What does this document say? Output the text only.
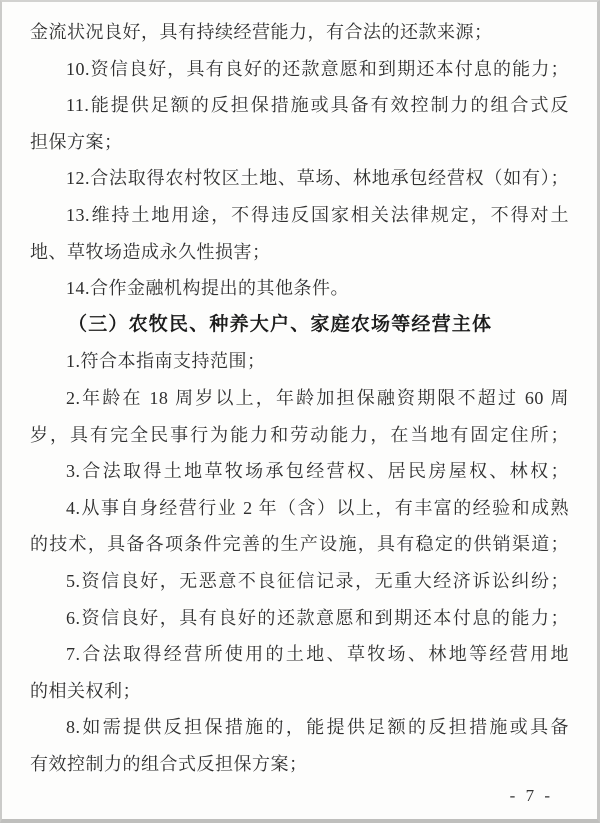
金流状况良好，具有持续经营能力，有合法的还款来源；
10.资信良好，具有良好的还款意愿和到期还本付息的能力；
11.能提供足额的反担保措施或具备有效控制力的组合式反
担保方案；
12.合法取得农村牧区土地、草场、林地承包经营权（如有）；
13.维持土地用途，不得违反国家相关法律规定，不得对土
地、草牧场造成永久性损害；
14.合作金融机构提出的其他条件。
（三）农牧民、种养大户、家庭农场等经营主体
1.符合本指南支持范围；
2.年龄在 18 周岁以上，年龄加担保融资期限不超过 60 周
岁，具有完全民事行为能力和劳动能力，在当地有固定住所；
3.合法取得土地草牧场承包经营权、居民房屋权、林权；
4.从事自身经营行业 2 年（含）以上，有丰富的经验和成熟
的技术，具备各项条件完善的生产设施，具有稳定的供销渠道；
5.资信良好，无恶意不良征信记录，无重大经济诉讼纠纷；
6.资信良好，具有良好的还款意愿和到期还本付息的能力；
7.合法取得经营所使用的土地、草牧场、林地等经营用地
的相关权利；
8.如需提供反担保措施的，能提供足额的反担措施或具备
有效控制力的组合式反担保方案；
- 7 -
